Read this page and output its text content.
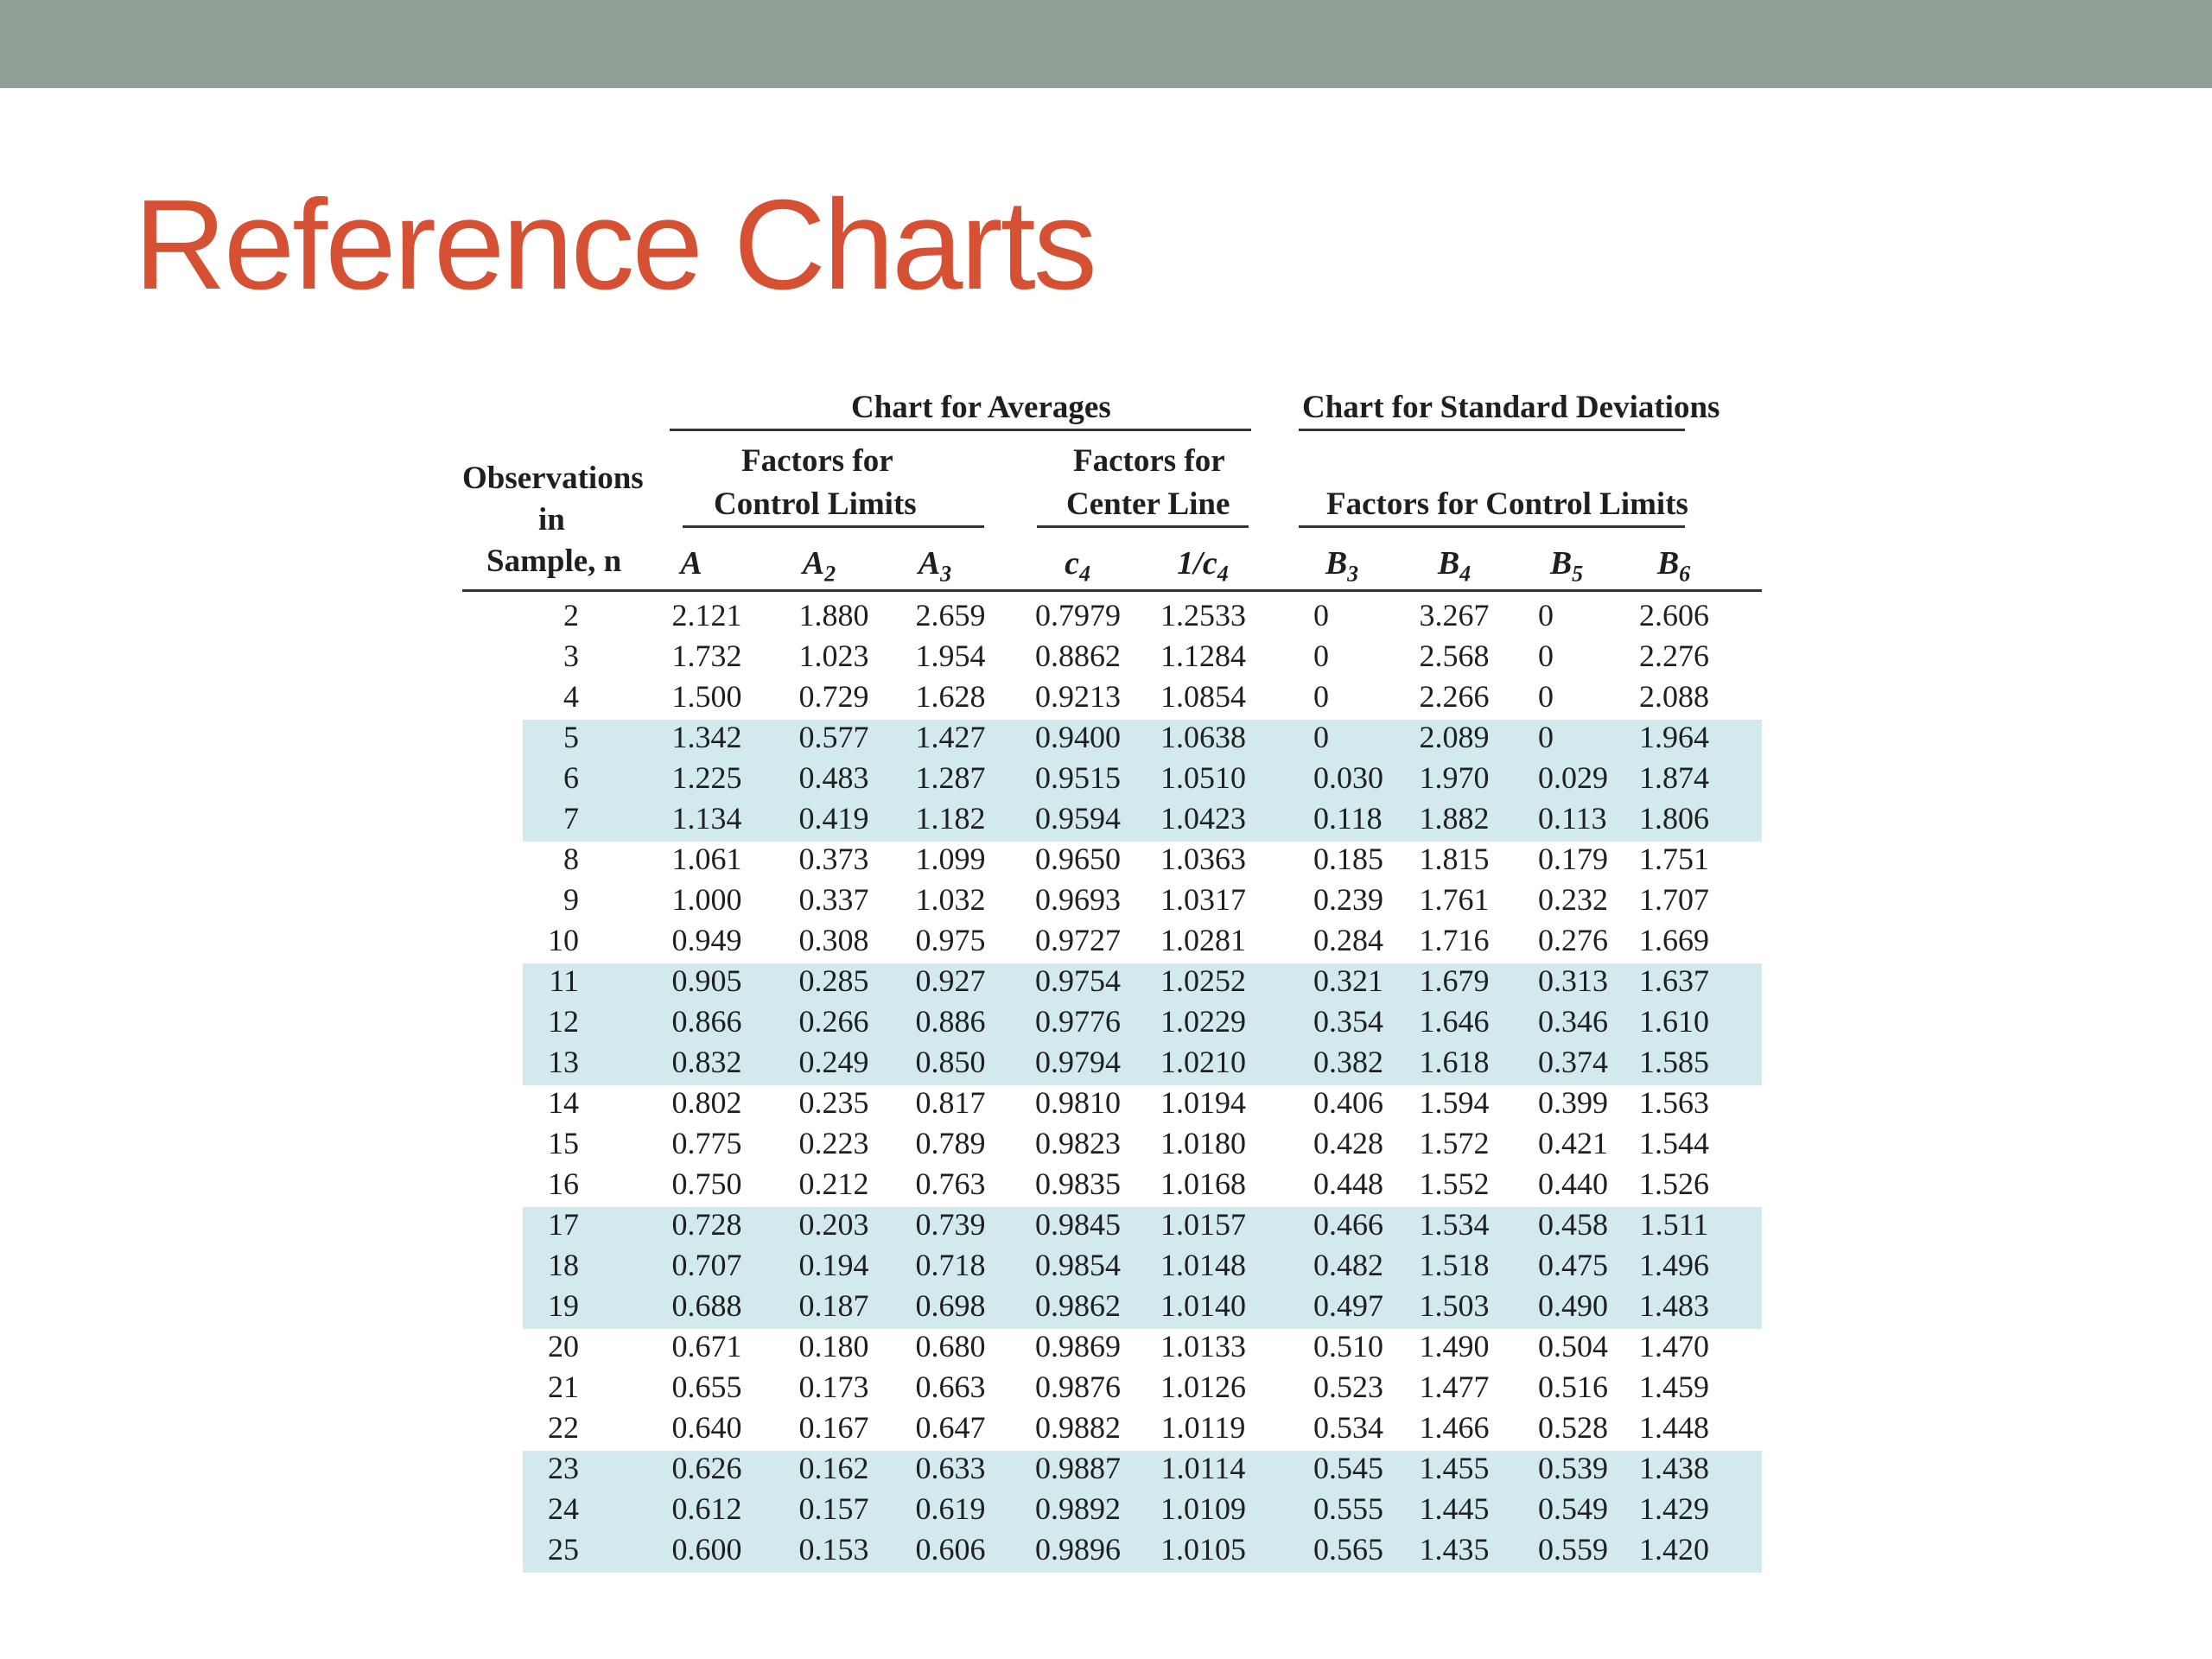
Reference Charts
Chart for Averages	Chart for Standard Deviations
Factors for
Control Limits
Factors for
Center Line	Factors for Control Limits
Observations
in
Sample, n	A	$A_2$	$A_3$	$c_4$	$1/c_4$	$B_3$	$B_4$	$B_5$	$B_6$
2	2.121	1.880	2.659	0.7979	1.2533	0	3.267	0	2.606
3	1.732	1.023	1.954	0.8862	1.1284	0	2.568	0	2.276
4	1.500	0.729	1.628	0.9213	1.0854	0	2.266	0	2.088
5	1.342	0.577	1.427	0.9400	1.0638	0	2.089	0	1.964
6	1.225	0.483	1.287	0.9515	1.0510	0.030	1.970	0.029	1.874
7	1.134	0.419	1.182	0.9594	1.0423	0.118	1.882	0.113	1.806
8	1.061	0.373	1.099	0.9650	1.0363	0.185	1.815	0.179	1.751
9	1.000	0.337	1.032	0.9693	1.0317	0.239	1.761	0.232	1.707
10	0.949	0.308	0.975	0.9727	1.0281	0.284	1.716	0.276	1.669
11	0.905	0.285	0.927	0.9754	1.0252	0.321	1.679	0.313	1.637
12	0.866	0.266	0.886	0.9776	1.0229	0.354	1.646	0.346	1.610
13	0.832	0.249	0.850	0.9794	1.0210	0.382	1.618	0.374	1.585
14	0.802	0.235	0.817	0.9810	1.0194	0.406	1.594	0.399	1.563
15	0.775	0.223	0.789	0.9823	1.0180	0.428	1.572	0.421	1.544
16	0.750	0.212	0.763	0.9835	1.0168	0.448	1.552	0.440	1.526
17	0.728	0.203	0.739	0.9845	1.0157	0.466	1.534	0.458	1.511
18	0.707	0.194	0.718	0.9854	1.0148	0.482	1.518	0.475	1.496
19	0.688	0.187	0.698	0.9862	1.0140	0.497	1.503	0.490	1.483
20	0.671	0.180	0.680	0.9869	1.0133	0.510	1.490	0.504	1.470
21	0.655	0.173	0.663	0.9876	1.0126	0.523	1.477	0.516	1.459
22	0.640	0.167	0.647	0.9882	1.0119	0.534	1.466	0.528	1.448
23	0.626	0.162	0.633	0.9887	1.0114	0.545	1.455	0.539	1.438
24	0.612	0.157	0.619	0.9892	1.0109	0.555	1.445	0.549	1.429
25	0.600	0.153	0.606	0.9896	1.0105	0.565	1.435	0.559	1.420
